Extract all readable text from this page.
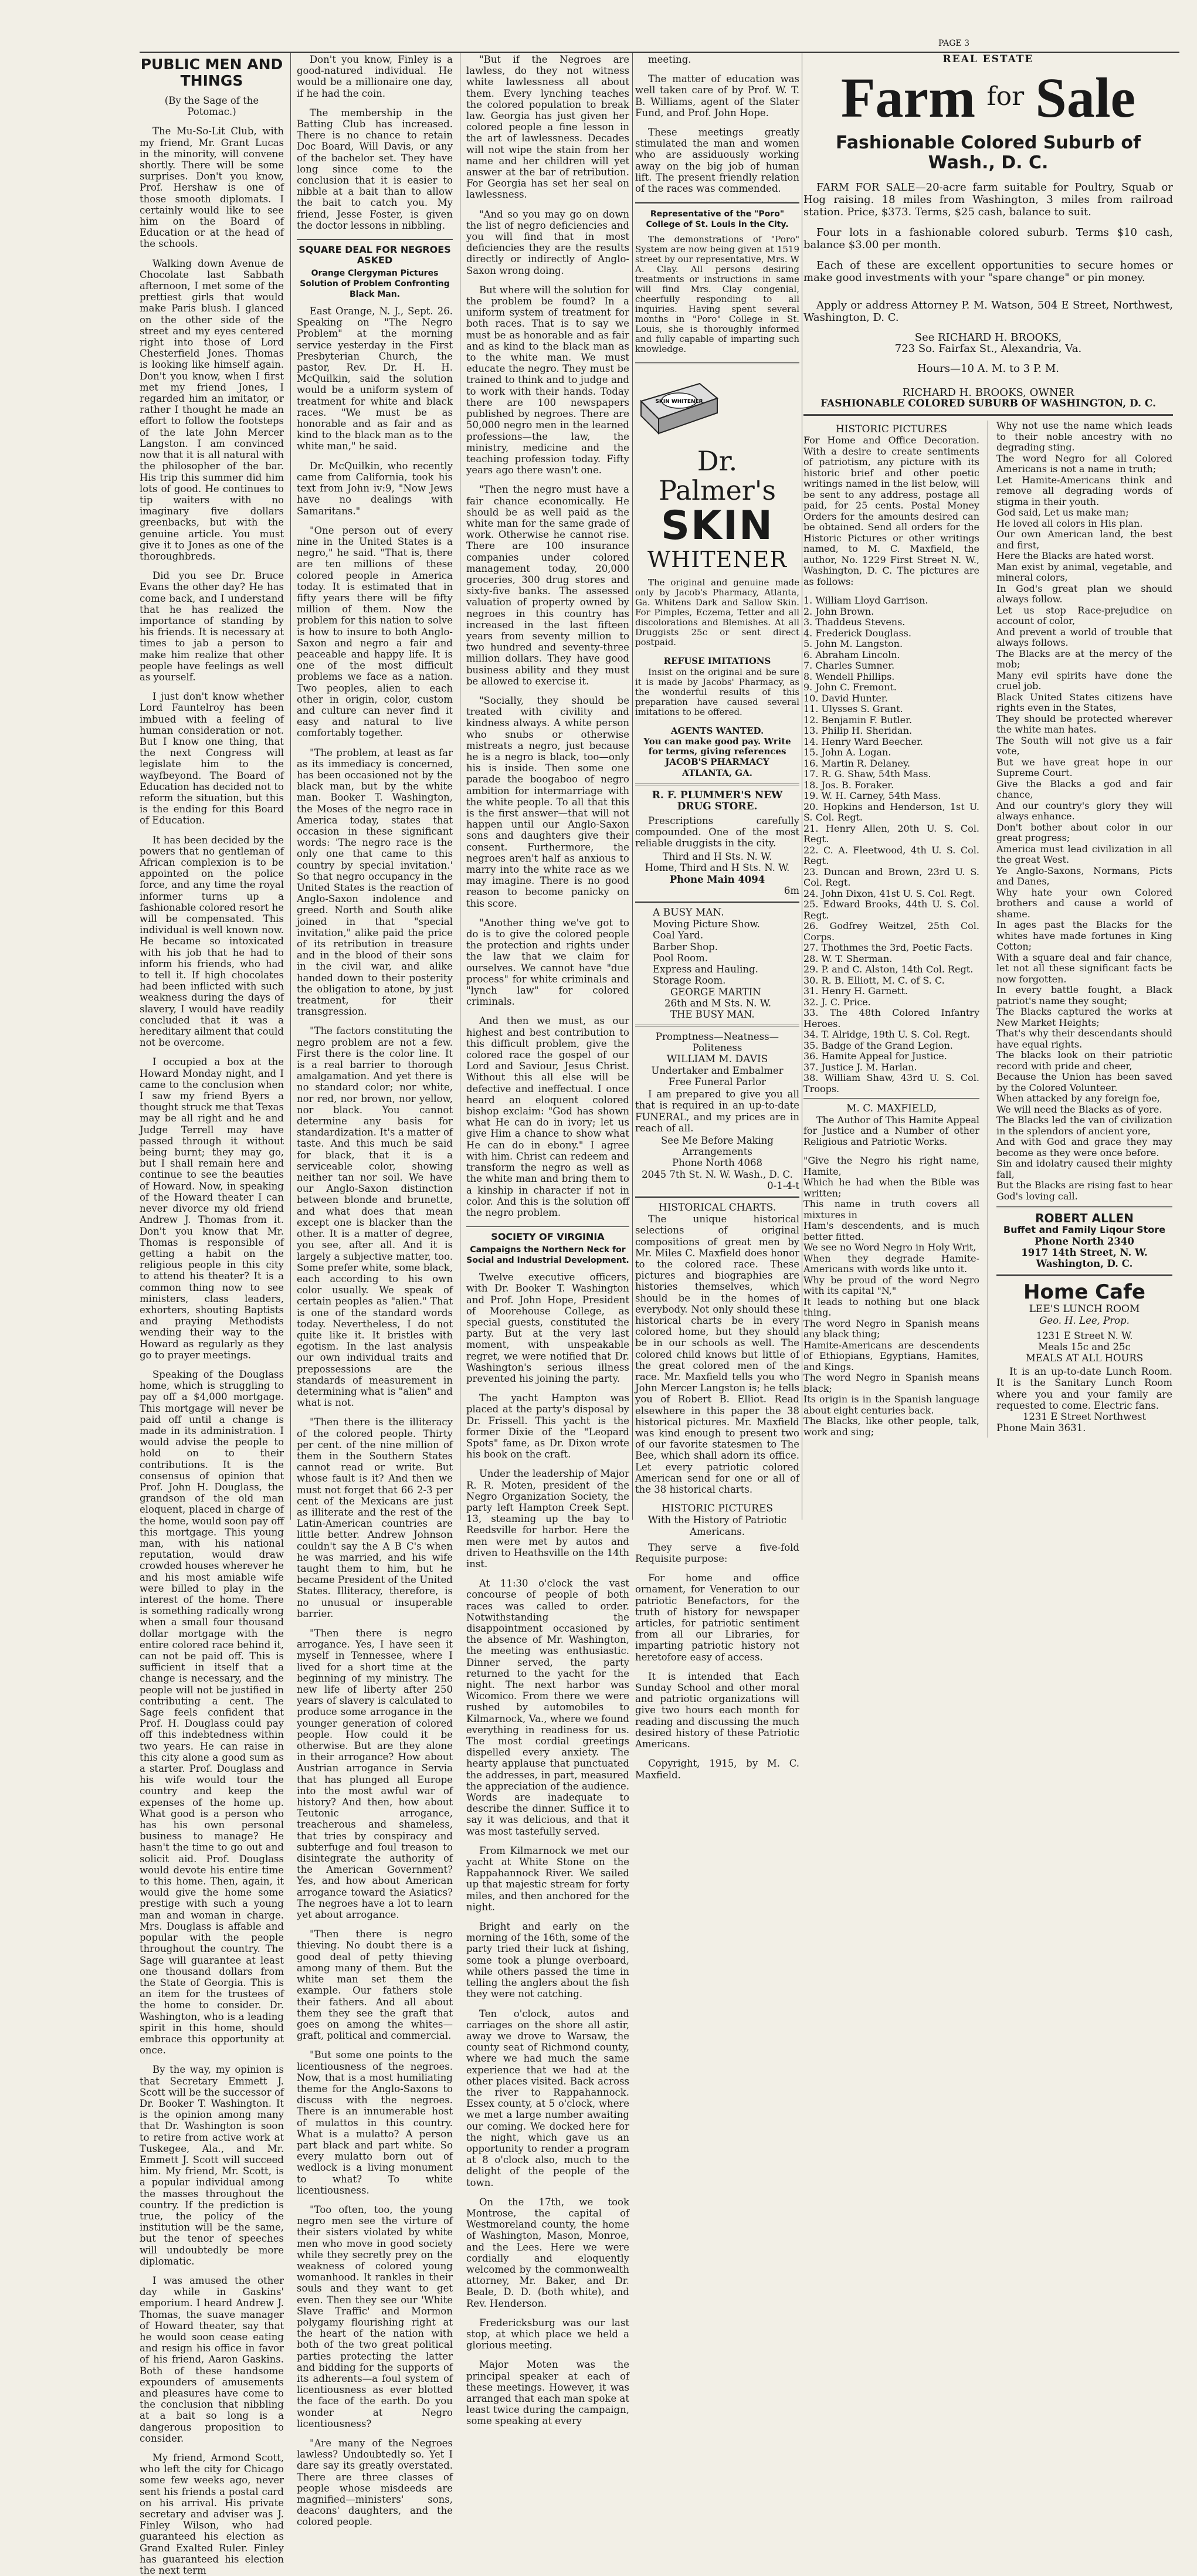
PAGE 3
PUBLIC MEN AND THINGS

(By the Sage of the Potomac.)

The Mu-So-Lit Club, with my friend, Mr. Grant Lucas in the minority, will convene shortly. There will be some surprises. Don't you know, Prof. Hershaw is one of those smooth diplomats. I certainly would like to see him on the Board of Education or at the head of the schools.

Walking down Avenue de Chocolate last Sabbath afternoon, I met some of the prettiest girls that would make Paris blush. I glanced on the other side of the street and my eyes centered right into those of Lord Chesterfield Jones. Thomas is looking like himself again. Don't you know, when I first met my friend Jones, I regarded him an imitator, or rather I thought he made an effort to follow the footsteps of the late John Mercer Langston. I am convinced now that it is all natural with the philosopher of the bar. His trip this summer did him lots of good. He continues to tip waiters with no imaginary five dollars greenbacks, but with the genuine article. You must give it to Jones as one of the thoroughbreds.

Did you see Dr. Bruce Evans the other day? He has come back, and I understand that he has realized the importance of standing by his friends. It is necessary at times to jab a person to make him realize that other people have feelings as well as yourself.

I just don't know whether Lord Fauntelroy has been imbued with a feeling of human consideration or not. But I know one thing, that the next Congress will legislate him to the wayfbeyond. The Board of Education has decided not to reform the situation, but this is the ending for this Board of Education.

It has been decided by the powers that no gentleman of African complexion is to be appointed on the police force, and any time the royal informer turns up a fashionable colored resort he will be compensated. This individual is well known now. He became so intoxicated with his job that he had to inform his friends, who had to tell it. If high chocolates had been inflicted with such weakness during the days of slavery, I would have readily concluded that it was a hereditary ailment that could not be overcome.

I occupied a box at the Howard Monday night, and I came to the conclusion when I saw my friend Byers a thought struck me that Texas may be all right and he and Judge Terrell may have passed through it without being burnt; they may go, but I shall remain here and continue to see the beauties of Howard. Now, in speaking of the Howard theater I can never divorce my old friend Andrew J. Thomas from it. Don't you know that Mr. Thomas is responsible of getting a habit on the religious people in this city to attend his theater? It is a common thing now to see ministers, class leaders, exhorters, shouting Baptists and praying Methodists wending their way to the Howard as regularly as they go to prayer meetings.

Speaking of the Douglass home, which is struggling to pay off a $4,000 mortgage. This mortgage will never be paid off until a change is made in its administration. I would advise the people to hold on to their contributions. It is the consensus of opinion that Prof. John H. Douglass, the grandson of the old man eloquent, placed in charge of the home, would soon pay off this mortgage. This young man, with his national reputation, would draw crowded houses wherever he and his most amiable wife were billed to play in the interest of the home. There is something radically wrong when a small four thousand dollar mortgage with the entire colored race behind it, can not be paid off. This is sufficient in itself that a change is necessary, and the people will not be justified in contributing a cent. The Sage feels confident that Prof. H. Douglass could pay off this indebtedness within two years. He can raise in this city alone a good sum as a starter. Prof. Douglass and his wife would tour the country and keep the expenses of the home up. What good is a person who has his own personal business to manage? He hasn't the time to go out and solicit aid. Prof. Douglass would devote his entire time to this home. Then, again, it would give the home some prestige with such a young man and woman in charge. Mrs. Douglass is affable and popular with the people throughout the country. The Sage will guarantee at least one thousand dollars from the State of Georgia. This is an item for the trustees of the home to consider. Dr. Washington, who is a leading spirit in this home, should embrace this opportunity at once.

By the way, my opinion is that Secretary Emmett J. Scott will be the successor of Dr. Booker T. Washington. It is the opinion among many that Dr. Washington is soon to retire from active work at Tuskegee, Ala., and Mr. Emmett J. Scott will succeed him. My friend, Mr. Scott, is a popular individual among the masses throughout the country. If the prediction is true, the policy of the institution will be the same, but the tenor of speeches will undoubtedly be more diplomatic.

I was amused the other day while in Gaskins' emporium. I heard Andrew J. Thomas, the suave manager of Howard theater, say that he would soon cease eating and resign his office in favor of his friend, Aaron Gaskins. Both of these handsome expounders of amusements and pleasures have come to the conclusion that nibbling at a bait so long is a dangerous proposition to consider.

My friend, Armond Scott, who left the city for Chicago some few weeks ago, never sent his friends a postal card on his arrival. His private secretary and adviser was J. Finley Wilson, who had guaranteed his election as Grand Exalted Ruler. Finley has guaranteed his election the next term

Don't you know, Finley is a good-natured individual. He would be a millionaire one day, if he had the coin.

The membership in the Batting Club has increased. There is no chance to retain Doc Board, Will Davis, or any of the bachelor set. They have long since come to the conclusion that it is easier to nibble at a bait than to allow the bait to catch you. My friend, Jesse Foster, is given the doctor lessons in nibbling.

SQUARE DEAL FOR NEGROES ASKED
Orange Clergyman Pictures Solution of Problem Confronting Black Man.

East Orange, N. J., Sept. 26. Speaking on "The Negro Problem" at the morning service yesterday in the First Presbyterian Church, the pastor, Rev. Dr. H. H. McQuilkin, said the solution would be a uniform system of treatment for white and black races. "We must be as honorable and as fair and as kind to the black man as to the white man," he said.

Dr. McQuilkin, who recently came from California, took his text from John iv:9, "Now Jews have no dealings with Samaritans."

"One person out of every nine in the United States is a negro," he said. "That is, there are ten millions of these colored people in America today. It is estimated that in fifty years there will be fifty million of them. Now the problem for this nation to solve is how to insure to both Anglo-Saxon and negro a fair and peaceable and happy life. It is one of the most difficult problems we face as a nation. Two peoples, alien to each other in origin, color, custom and culture can never find it easy and natural to live comfortably together.

"The problem, at least as far as its immediacy is concerned, has been occasioned not by the black man, but by the white man. Booker T. Washington, the Moses of the negro race in America today, states that occasion in these significant words: 'The negro race is the only one that came to this country by special invitation.' So that negro occupancy in the United States is the reaction of Anglo-Saxon indolence and greed. North and South alike joined in that "special invitation," alike paid the price of its retribution in treasure and in the blood of their sons in the civil war, and alike handed down to their posterity the obligation to atone, by just treatment, for their transgression.

"The factors constituting the negro problem are not a few. First there is the color line. It is a real barrier to thorough amalgamation. And yet there is no standard color; nor white, nor red, nor brown, nor yellow, nor black. You cannot determine any basis for standardization. It's a matter of taste. And this much be said for black, that it is a serviceable color, showing neither tan nor soil. We have our Anglo-Saxon distinction between blonde and brunette, and what does that mean except one is blacker than the other. It is a matter of degree, you see, after all. And it is largely a subjective matter, too. Some prefer white, some black, each according to his own color usually. We speak of certain peoples as "alien." That is one of the standard words today. Nevertheless, I do not quite like it. It bristles with egotism. In the last analysis our own individual traits and prepossessions are the standards of measurement in determining what is "alien" and what is not.

"Then there is the illiteracy of the colored people. Thirty per cent. of the nine million of them in the Southern States cannot read or write. But whose fault is it? And then we must not forget that 66 2-3 per cent of the Mexicans are just as illiterate and the rest of the Latin-American countries are little better. Andrew Johnson couldn't say the A B C's when he was married, and his wife taught them to him, but he became President of the United States. Illiteracy, therefore, is no unusual or insuperable barrier.

"Then there is negro arrogance. Yes, I have seen it myself in Tennessee, where I lived for a short time at the beginning of my ministry. The new life of liberty after 250 years of slavery is calculated to produce some arrogance in the younger generation of colored people. How could it be otherwise. But are they alone in their arrogance? How about Austrian arrogance in Servia that has plunged all Europe into the most awful war of history? And then, how about Teutonic arrogance, treacherous and shameless, that tries by conspiracy and subterfuge and foul treason to disintegrate the authority of the American Government? Yes, and how about American arrogance toward the Asiatics? The negroes have a lot to learn yet about arrogance.

"Then there is negro thieving. No doubt there is a good deal of petty thieving among many of them. But the white man set them the example. Our fathers stole their fathers. And all about them they see the graft that goes on among the whites—graft, political and commercial.

"But some one points to the licentiousness of the negroes. Now, that is a most humiliating theme for the Anglo-Saxons to discuss with the negroes. There is an innumerable host of mulattos in this country. What is a mulatto? A person part black and part white. So every mulatto born out of wedlock is a living monument to what? To white licentiousness.

"Too often, too, the young negro men see the virture of their sisters violated by white men who move in good society while they secretly prey on the weakness of colored young womanhood. It rankles in their souls and they want to get even. Then they see our 'White Slave Traffic' and Mormon polygamy flourishing right at the heart of the nation with both of the two great political parties protecting the latter and bidding for the supports of its adherents—a foul system of licentiousness as ever blotted the face of the earth. Do you wonder at Negro licentiousness?

"Are many of the Negroes lawless? Undoubtedly so. Yet I dare say its greatly overstated. There are three classes of people whose misdeeds are magnified—ministers' sons, deacons' daughters, and the colored people.

"But if the Negroes are lawless, do they not witness white lawlessness all about them. Every lynching teaches the colored population to break law. Georgia has just given her colored people a fine lesson in the art of lawlessness. Decades will not wipe the stain from her name and her children will yet answer at the bar of retribution. For Georgia has set her seal on lawlessness.

"And so you may go on down the list of negro deficiencies and you will find that in most deficiencies they are the results directly or indirectly of Anglo-Saxon wrong doing.

But where will the solution for the problem be found? In a uniform system of treatment for both races. That is to say we must be as honorable and as fair and as kind to the black man as to the white man. We must educate the negro. They must be trained to think and to judge and to work with their hands. Today there are 100 newspapers published by negroes. There are 50,000 negro men in the learned professions—the law, the ministry, medicine and the teaching profession today. Fifty years ago there wasn't one.

"Then the negro must have a fair chance economically. He should be as well paid as the white man for the same grade of work. Otherwise he cannot rise. There are 100 insurance companies under colored management today, 20,000 groceries, 300 drug stores and sixty-five banks. The assessed valuation of property owned by negroes in this country has increased in the last fifteen years from seventy million to two hundred and seventy-three million dollars. They have good business ability and they must be allowed to exercise it.

"Socially, they should be treated with civility and kindness always. A white person who snubs or otherwise mistreats a negro, just because he is a negro is black, too—only his is inside. Then some one parade the boogaboo of negro ambition for intermarriage with the white people. To all that this is the first answer—that will not happen until our Anglo-Saxon sons and daughters give their consent. Furthermore, the negroes aren't half as anxious to marry into the white race as we may imagine. There is no good reason to become panicky on this score.

"Another thing we've got to do is to give the colored people the protection and rights under the law that we claim for ourselves. We cannot have "due process" for white criminals and "lynch law" for colored criminals.

And then we must, as our highest and best contribution to this difficult problem, give the colored race the gospel of our Lord and Saviour, Jesus Christ. Without this all else will be defective and ineffectual. I once heard an eloquent colored bishop exclaim: "God has shown what He can do in ivory; let us give Him a chance to show what He can do in ebony." I agree with him. Christ can redeem and transform the negro as well as the white man and bring them to a kinship in character if not in color. And this is the solution off the negro problem.

SOCIETY OF VIRGINIA
Campaigns the Northern Neck for Social and Industrial Development.

Twelve executive officers, with Dr. Booker T. Washington and Prof. John Hope, President of Moorehouse College, as special guests, constituted the party. But at the very last moment, with unspeakable regret, we were notified that Dr. Washington's serious illness prevented his joining the party.

The yacht Hampton was placed at the party's disposal by Dr. Frissell. This yacht is the former Dixie of the "Leopard Spots" fame, as Dr. Dixon wrote his book on the craft.

Under the leadership of Major R. R. Moten, president of the Negro Organization Society, the party left Hampton Creek Sept. 13, steaming up the bay to Reedsville for harbor. Here the men were met by autos and driven to Heathsville on the 14th inst.

At 11:30 o'clock the vast concourse of people of both races was called to order. Notwithstanding the disappointment occasioned by the absence of Mr. Washington, the meeting was enthusiastic. Dinner served, the party returned to the yacht for the night. The next harbor was Wicomico. From there we were rushed by automobiles to Kilmarnock, Va., where we found everything in readiness for us. The most cordial greetings dispelled every anxiety. The hearty applause that punctuated the addresses, in part, measured the appreciation of the audience. Words are inadequate to describe the dinner. Suffice it to say it was delicious, and that it was most tastefully served.

From Kilmarnock we met our yacht at White Stone on the Rappahannock River. We sailed up that majestic stream for forty miles, and then anchored for the night.

Bright and early on the morning of the 16th, some of the party tried their luck at fishing, some took a plunge overboard, while others passed the time in telling the anglers about the fish they were not catching.

Ten o'clock, autos and carriages on the shore all astir, away we drove to Warsaw, the county seat of Richmond county, where we had much the same experience that we had at the other places visited. Back across the river to Rappahannock. Essex county, at 5 o'clock, where we met a large number awaiting our coming. We docked here for the night, which gave us an opportunity to render a program at 8 o'clock also, much to the delight of the people of the town.

On the 17th, we took Montrose, the capital of Westmoreland county, the home of Washington, Mason, Monroe, and the Lees. Here we were cordially and eloquently welcomed by the commonwealth attorney, Mr. Baker, and Dr. Beale, D. D. (both white), and Rev. Henderson.

Fredericksburg was our last stop, at which place we held a glorious meeting.

Major Moten was the principal speaker at each of these meetings. However, it was arranged that each man spoke at least twice during the campaign, some speaking at every

meeting.

The matter of education was well taken care of by Prof. W. T. B. Williams, agent of the Slater Fund, and Prof. John Hope.

These meetings greatly stimulated the man and women who are assiduously working away on the big job of human lift. The present friendly relation of the races was commended.

Representative of the "Poro" College of St. Louis in the City.

The demonstrations of "Poro" System are now being given at 1519 street by our representative, Mrs. W A. Clay. All persons desiring treatments or instructions in same will find Mrs. Clay congenial, cheerfully responding to all inquiries. Having spent several months in "Poro" College in St. Louis, she is thoroughly informed and fully capable of imparting such knowledge.

SKIN WHITENER
Dr. Palmer's
SKIN
WHITENER

The original and genuine made only by Jacob's Pharmacy, Atlanta, Ga. Whitens Dark and Sallow Skin. For Pimples, Eczema, Tetter and all discolorations and Blemishes. At all Druggists 25c or sent direct postpaid.

REFUSE IMITATIONS

Insist on the original and be sure it is made by Jacobs' Pharmacy, as the wonderful results of this preparation have caused several imitations to be offered.

AGENTS WANTED.

You can make good pay. Write for terms, giving references

JACOB'S PHARMACY
ATLANTA, GA.
R. F. PLUMMER'S NEW DRUG STORE.

Prescriptions carefully compounded. One of the most reliable druggists in the city.

Third and H Sts. N. W.
Home, Third and H Sts. N. W.
Phone Main 4094
6m
A BUSY MAN.
Moving Picture Show.
Coal Yard.
Barber Shop.
Pool Room.
Express and Hauling.
Storage Room.
GEORGE MARTIN
26th and M Sts. N. W.
THE BUSY MAN.
Promptness—Neatness—Politeness
WILLIAM M. DAVIS
Undertaker and Embalmer
Free Funeral Parlor

I am prepared to give you all that is required in an up-to-date FUNERAL, and my prices are in reach of all.

See Me Before Making Arrangements
Phone North 4068
2045 7th St. N. W. Wash., D. C.
0-1-4-t
HISTORICAL CHARTS.

The unique historical selections of original compositions of great men by Mr. Miles C. Maxfield does honor to the colored race. These pictures and biographies are histories themselves, which should be in the homes of everybody. Not only should these historical charts be in every colored home, but they should be in our schools as well. The colored child knows but little of the great colored men of the race. Mr. Maxfield tells you who John Mercer Langston is; he tells you of Robert B. Elliot. Read elsewhere in this paper the 38 historical pictures. Mr. Maxfield was kind enough to present two of our favorite statesmen to The Bee, which shall adorn its office. Let every patriotic colored American send for one or all of the 38 historical charts.

HISTORIC PICTURES
With the History of Patriotic Americans.

They serve a five-fold Requisite purpose:

For home and office ornament, for Veneration to our patriotic Benefactors, for the truth of history for newspaper articles, for patriotic sentiment from all our Libraries, for imparting patriotic history not heretofore easy of access.

It is intended that Each Sunday School and other moral and patriotic organizations will give two hours each month for reading and discussing the much desired history of these Patriotic Americans.

Copyright, 1915, by M. C. Maxfield.

REAL ESTATE
Farm for Sale
Fashionable Colored Suburb of Wash., D. C.

FARM FOR SALE—20-acre farm suitable for Poultry, Squab or Hog raising. 18 miles from Washington, 3 miles from railroad station. Price, $373. Terms, $25 cash, balance to suit.

Four lots in a fashionable colored suburb. Terms $10 cash, balance $3.00 per month.

Each of these are excellent opportunities to secure homes or make good investments with your "spare change" or pin money.

Apply or address Attorney P. M. Watson, 504 E Street, Northwest, Washington, D. C.

See RICHARD H. BROOKS,
723 So. Fairfax St., Alexandria, Va.
Hours—10 A. M. to 3 P. M.
RICHARD H. BROOKS, OWNER
FASHIONABLE COLORED SUBURB OF WASHINGTON, D. C.
HISTORIC PICTURES

For Home and Office Decoration. With a desire to create sentiments of patriotism, any picture with its historic brief and other poetic writings named in the list below, will be sent to any address, postage all paid, for 25 cents. Postal Money Orders for the amounts desired can be obtained. Send all orders for the Historic Pictures or other writings named, to M. C. Maxfield, the author, No. 1229 First Street N. W., Washington, D. C. The pictures are as follows:

1. William Lloyd Garrison.
2. John Brown.
3. Thaddeus Stevens.
4. Frederick Douglass.
5. John M. Langston.
6. Abraham Lincoln.
7. Charles Sumner.
8. Wendell Phillips.
9. John C. Fremont.
10. David Hunter.
11. Ulysses S. Grant.
12. Benjamin F. Butler.
13. Philip H. Sheridan.
14. Henry Ward Beecher.
15. John A. Logan.
16. Martin R. Delaney.
17. R. G. Shaw, 54th Mass.
18. Jos. B. Foraker.
19. W. H. Carney, 54th Mass.
20. Hopkins and Henderson, 1st U. S. Col. Regt.
21. Henry Allen, 20th U. S. Col. Regt.
22. C. A. Fleetwood, 4th U. S. Col. Regt.
23. Duncan and Brown, 23rd U. S. Col. Regt.
24. John Dixon, 41st U. S. Col. Regt.
25. Edward Brooks, 44th U. S. Col. Regt.
26. Godfrey Weitzel, 25th Col. Corps.
27. Thothmes the 3rd, Poetic Facts.
28. W. T. Sherman.
29. P. and C. Alston, 14th Col. Regt.
30. R. B. Elliott, M. C. of S. C.
31. Henry H. Garnett.
32. J. C. Price.
33. The 48th Colored Infantry Heroes.
34. T. Alridge, 19th U. S. Col. Regt.
35. Badge of the Grand Legion.
36. Hamite Appeal for Justice.
37. Justice J. M. Harlan.
38. William Shaw, 43rd U. S. Col. Troops.
M. C. MAXFIELD,

The Author of This Hamite Appeal for Justice and a Number of other Religious and Patriotic Works.

"Give the Negro his right name, Hamite,
Which he had when the Bible was written;
This name in truth covers all mixtures in
Ham's descendents, and is much better fitted.
We see no Word Negro in Holy Writ,
When they degrade Hamite-Americans with words like unto it.
Why be proud of the word Negro with its capital "N,"
It leads to nothing but one black thing.
The word Negro in Spanish means any black thing;
Hamite-Americans are descendents of Ethiopians, Egyptians, Hamites, and Kings.
The word Negro in Spanish means black;
Its origin is in the Spanish language about eight centuries back.
The Blacks, like other people, talk, work and sing;
Why not use the name which leads to their noble ancestry with no degrading sting.
The word Negro for all Colored Americans is not a name in truth;
Let Hamite-Americans think and remove all degrading words of stigma in their youth.
God said, Let us make man;
He loved all colors in His plan.
Our own American land, the best and first,
Here the Blacks are hated worst.
Man exist by animal, vegetable, and mineral colors,
In God's great plan we should always follow.
Let us stop Race-prejudice on account of color,
And prevent a world of trouble that always follows.
The Blacks are at the mercy of the mob;
Many evil spirits have done the cruel job.
Black United States citizens have rights even in the States,
They should be protected wherever the white man hates.
The South will not give us a fair vote,
But we have great hope in our Supreme Court.
Give the Blacks a god and fair chance,
And our country's glory they will always enhance.
Don't bother about color in our great progress;
America must lead civilization in all the great West.
Ye Anglo-Saxons, Normans, Picts and Danes,
Why hate your own Colored brothers and cause a world of shame.
In ages past the Blacks for the whites have made fortunes in King Cotton;
With a square deal and fair chance, let not all these significant facts be now forgotten.
In every battle fought, a Black patriot's name they sought;
The Blacks captured the works at New Market Heights;
That's why their descendants should have equal rights.
The blacks look on their patriotic record with pride and cheer,
Because the Union has been saved by the Colored Volunteer.
When attacked by any foreign foe,
We will need the Blacks as of yore.
The Blacks led the van of civilization in the splendors of ancient yore,
And with God and grace they may become as they were once before.
Sin and idolatry caused their mighty fall,
But the Blacks are rising fast to hear God's loving call.
ROBERT ALLEN
Buffet and Family Liqour Store
Phone North 2340
1917 14th Street, N. W.
Washington, D. C.
Home Cafe
LEE'S LUNCH ROOM
Geo. H. Lee, Prop.
1231 E Street N. W.
Meals 15c and 25c
MEALS AT ALL HOURS

It is an up-to-date Lunch Room. It is the Sanitary Lunch Room where you and your family are requested to come. Electric fans.

1231 E Street Northwest
Phone Main 3631.
